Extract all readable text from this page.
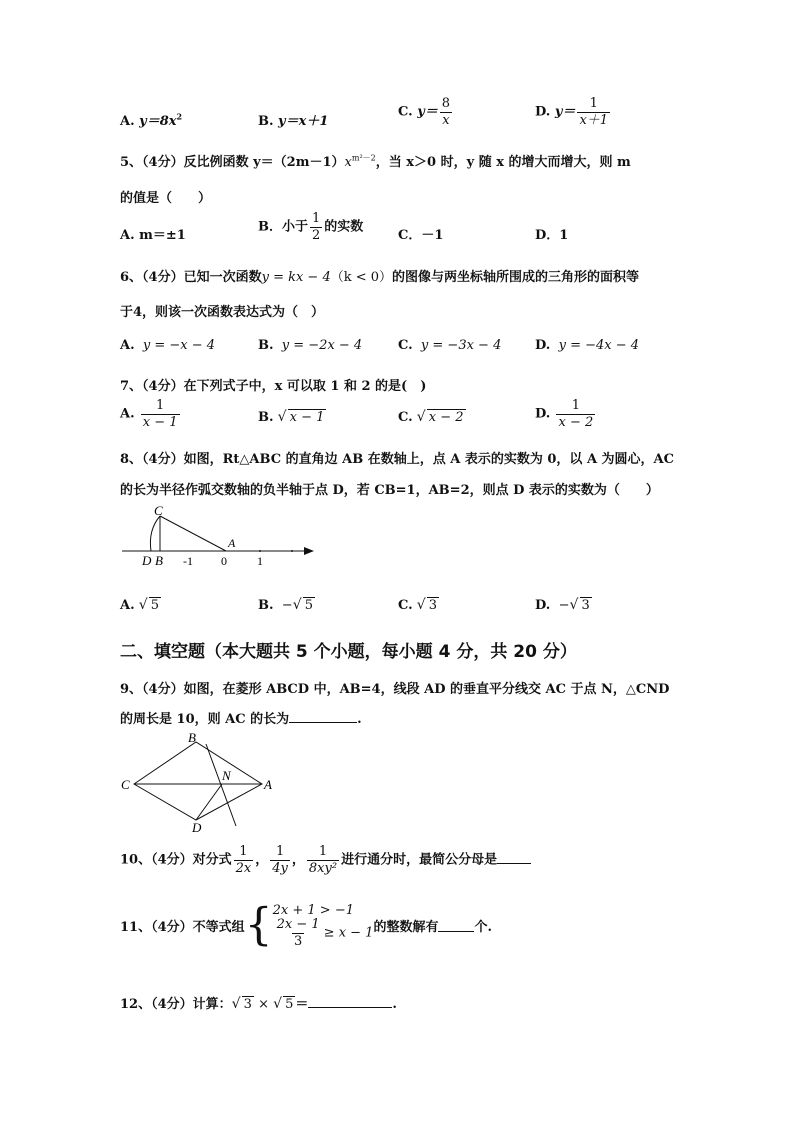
A. $y=8x^2$	B. y＝x＋1
C. $y= \frac{8}{x}$	D. $y= \frac{1}{x+1}$
5、（4分）反比例函数 $y=(2m-1)x^{m^2-2}$，当 x＞0 时，y 随 x 的增大而增大，则 m
的值是（　　）
A. m＝±1
B．小于 $\frac{1}{2}$ 的实数
C．－1	D．1
6、（4分）已知一次函数y = kx − 4（k < 0）的图像与两坐标轴所围成的三角形的面积等
于4，则该一次函数表达式为（　）
A. y = −x − 4	B. y = −2x − 4	C. y = −3x − 4	D. y = −4x − 4
7、（4分）在下列式子中，x 可以取 1 和 2 的是(　)
A. $\frac{1}{x - 1}$	B. √ x − 1	C. √ x − 2	D. $\frac{1}{x - 2}$
8、（4分）如图，Rt△ABC 的直角边 AB 在数轴上，点 A 表示的实数为 0，以 A 为圆心，AC
的长为半径作弧交数轴的负半轴于点 D，若 CB=1，AB=2，则点 D 表示的实数为（　　）
C
D B
A
-1 0	1
A. √ 5	B. − √ 5	C. √ 3	D. − √ 3
二、填空题（本大题共 5 个小题，每小题 4 分，共 20 分）
9、（4分）如图，在菱形 ABCD 中，AB=4，线段 AD 的垂直平分线交 AC 于点 N，△CND
的周长是 10，则 AC 的长为	.
B
C
N
A
D
10、（4分）对分式 $\frac{1}{2x}$ ， $\frac{1}{4y}$ ， $\frac{1}{\text{8xy²}}$ 进行通分时，最简公分母是
11、（4分）不等式组{ 2x + 1 > −1
$\frac{2x - 1}{3} \ge x - 1$ 的整数解有	个.
12、（4分）计算： √ 3 × √ 5 ＝	.
